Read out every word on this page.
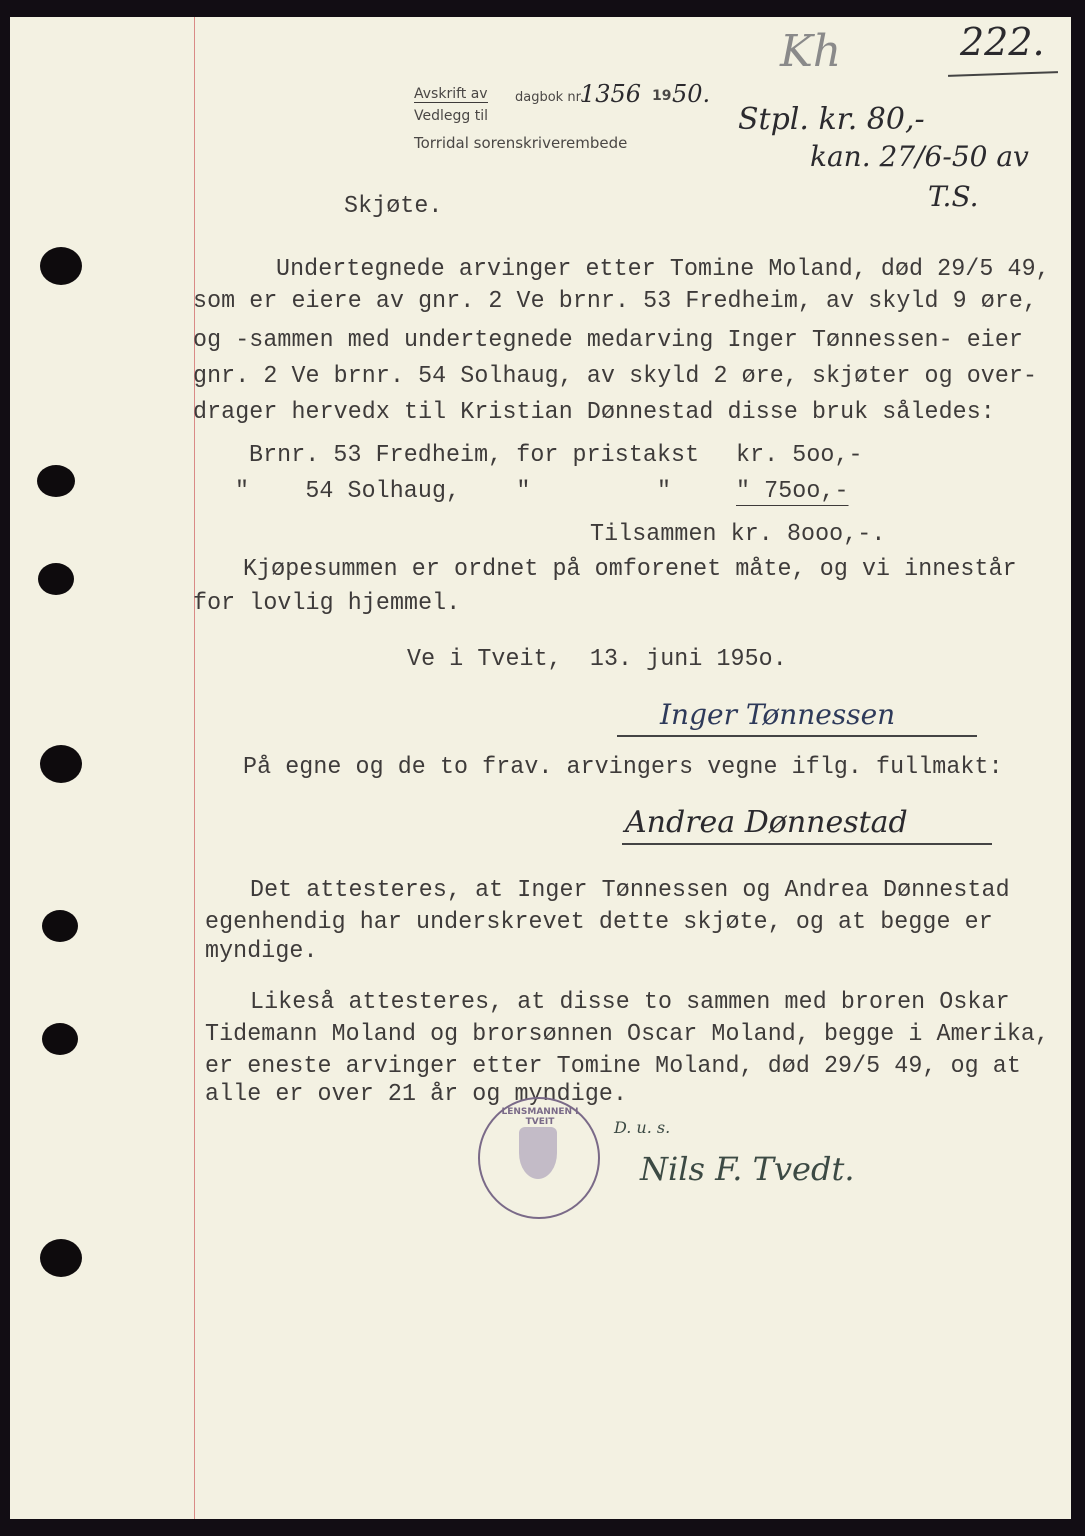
Avskrift av dagbok nr.
1356 19 50.
Vedlegg til
Torridal sorenskriverembede
Kh	222.
Stpl. kr. 80,-
kan. 27/6-50 av
T.S.
Skjøte.
Undertegnede arvinger etter Tomine Moland, død 29/5 49,
som er eiere av gnr. 2 Ve brnr. 53 Fredheim, av skyld 9 øre,
og -sammen med undertegnede medarving Inger Tønnessen- eier
gnr. 2 Ve brnr. 54 Solhaug, av skyld 2 øre, skjøter og over-
drager hervedx til Kristian Dønnestad disse bruk således:
Brnr. 53 Fredheim, for pristakst kr. 5oo,-
"    54 Solhaug,    "         "	" 75oo,-
Tilsammen kr. 8ooo,-.
Kjøpesummen er ordnet på omforenet måte, og vi innestår
for lovlig hjemmel.
Ve i Tveit,  13. juni 195o.
Inger Tønnessen
På egne og de to frav. arvingers vegne iflg. fullmakt:
Andrea Dønnestad
Det attesteres, at Inger Tønnessen og Andrea Dønnestad
egenhendig har underskrevet dette skjøte, og at begge er
myndige.
Likeså attesteres, at disse to sammen med broren Oskar
Tidemann Moland og brorsønnen Oscar Moland, begge i Amerika,
er eneste arvinger etter Tomine Moland, død 29/5 49, og at
alle er over 21 år og myndige.
LENSMANNEN I TVEIT	D. u. s.
Nils F. Tvedt.
